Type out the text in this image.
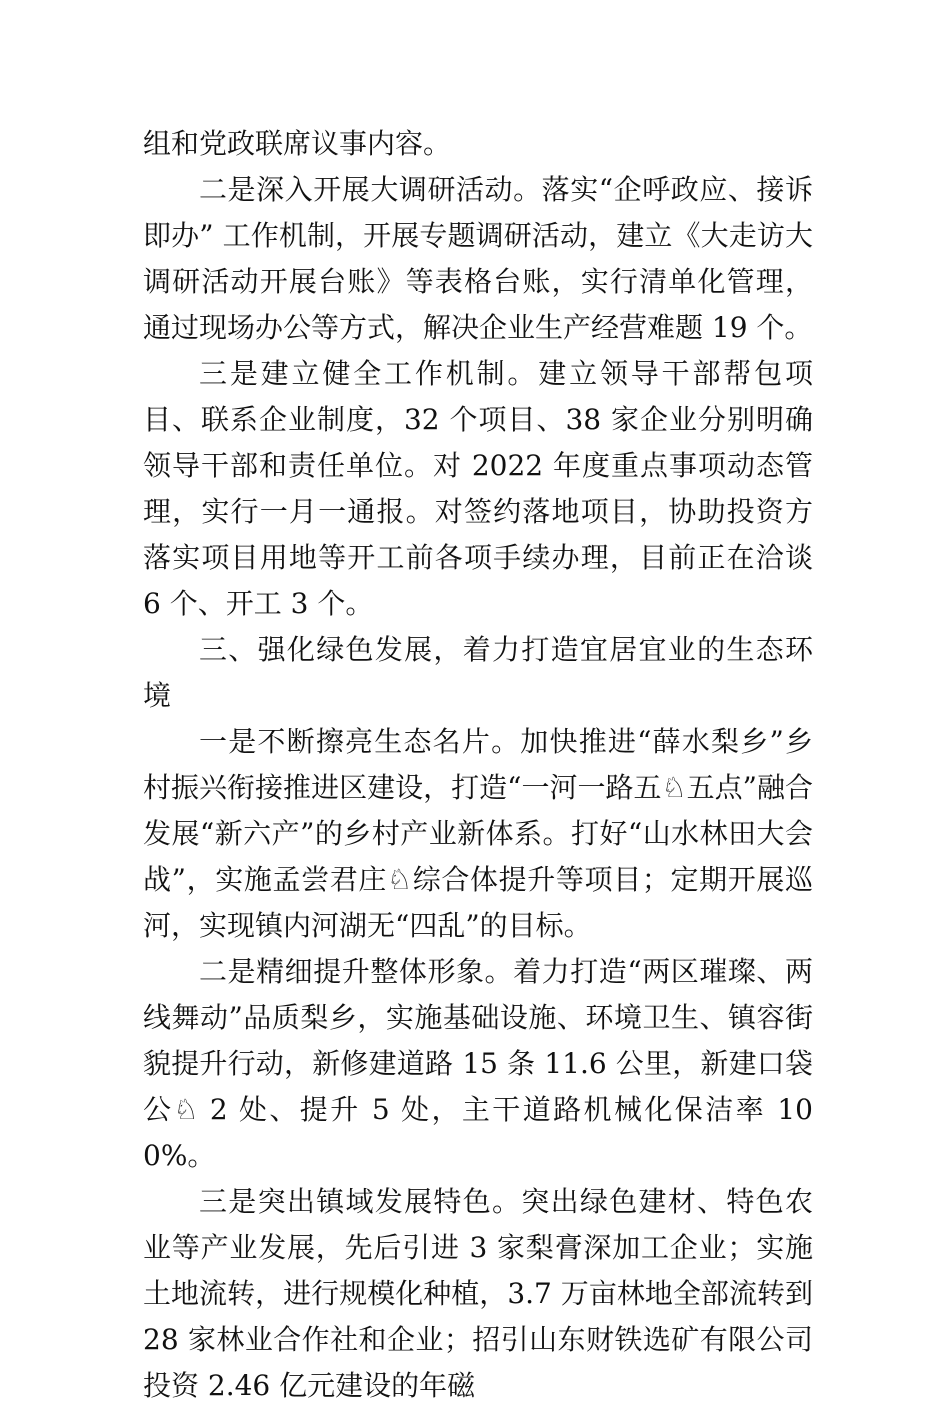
组和党政联席议事内容。

二是深入开展大调研活动。落实“企呼政应、接诉即办” 工作机制，开展专题调研活动，建立《大走访大调研活动开展台账》等表格台账，实行清单化管理，通过现场办公等方式，解决企业生产经营难题 19 个。

三是建立健全工作机制。建立领导干部帮包项目、联系企业制度，32 个项目、38 家企业分别明确领导干部和责任单位。对 2022 年度重点事项动态管理，实行一月一通报。对签约落地项目，协助投资方落实项目用地等开工前各项手续办理，目前正在洽谈 6 个、开工 3 个。

三、强化绿色发展，着力打造宜居宜业的生态环境

一是不断擦亮生态名片。加快推进“薛水梨乡”乡村振兴衔接推进区建设，打造“一河一路五♘五点”融合发展“新六产”的乡村产业新体系。打好“山水林田大会战”，实施孟尝君庄♘综合体提升等项目；定期开展巡河，实现镇内河湖无“四乱”的目标。

二是精细提升整体形象。着力打造“两区璀璨、两线舞动”品质梨乡，实施基础设施、环境卫生、镇容街貌提升行动，新修建道路 15 条 11.6 公里，新建口袋公♘ 2 处、提升 5 处，主干道路机械化保洁率 100%。

三是突出镇域发展特色。突出绿色建材、特色农业等产业发展，先后引进 3 家梨膏深加工企业；实施土地流转，进行规模化种植，3.7 万亩林地全部流转到 28 家林业合作社和企业；招引山东财铁选矿有限公司投资 2.46 亿元建设的年磁
